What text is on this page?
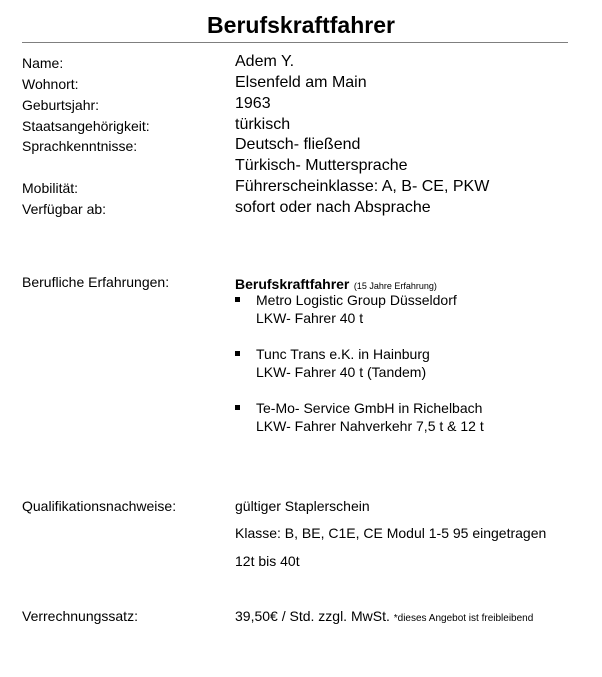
Berufskraftfahrer
Name:	Adem Y.
Wohnort:	Elsenfeld am Main
Geburtsjahr:	1963
Staatsangehörigkeit:	türkisch
Sprachkenntnisse:	Deutsch- fließend
Türkisch- Muttersprache
Mobilität:	Führerscheinklasse: A, B- CE, PKW
Verfügbar ab:	sofort oder nach Absprache
Berufliche Erfahrungen:	Berufskraftfahrer (15 Jahre Erfahrung)
Metro Logistic Group Düsseldorf
LKW- Fahrer 40 t
Tunc Trans e.K. in Hainburg
LKW- Fahrer 40 t (Tandem)
Te-Mo- Service GmbH in Richelbach
LKW- Fahrer Nahverkehr 7,5 t & 12 t
Qualifikationsnachweise:	gültiger Staplerschein
Klasse: B, BE, C1E, CE Modul 1-5 95 eingetragen
12t bis 40t
Verrechnungssatz:	39,50€ / Std. zzgl. MwSt. *dieses Angebot ist freibleibend
